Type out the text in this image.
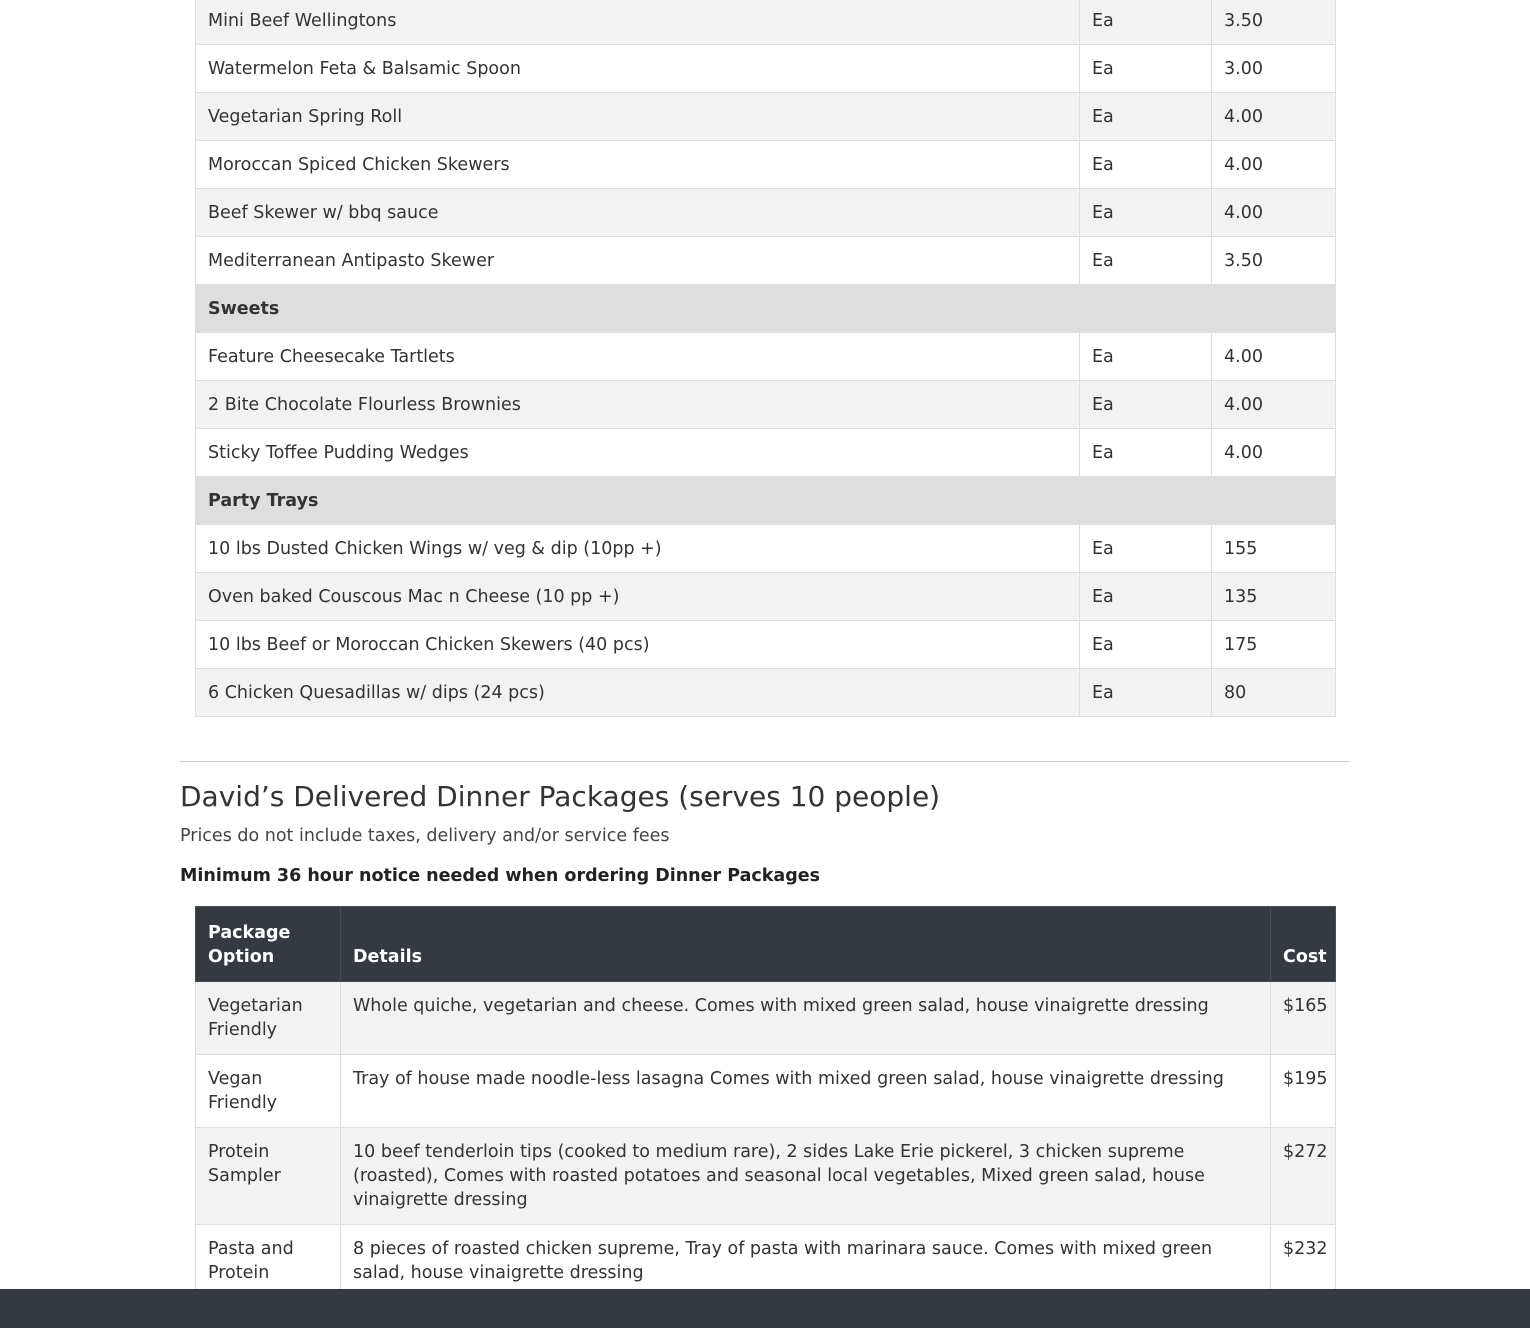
Mini Beef Wellingtons	Ea	3.50
Watermelon Feta & Balsamic Spoon	Ea	3.00
Vegetarian Spring Roll	Ea	4.00
Moroccan Spiced Chicken Skewers	Ea	4.00
Beef Skewer w/ bbq sauce	Ea	4.00
Mediterranean Antipasto Skewer	Ea	3.50
Sweets		
Feature Cheesecake Tartlets	Ea	4.00
2 Bite Chocolate Flourless Brownies	Ea	4.00
Sticky Toffee Pudding Wedges	Ea	4.00
Party Trays		
10 lbs Dusted Chicken Wings w/ veg & dip (10pp +)	Ea	155
Oven baked Couscous Mac n Cheese (10 pp +)	Ea	135
10 lbs Beef or Moroccan Chicken Skewers (40 pcs)	Ea	175
6 Chicken Quesadillas w/ dips (24 pcs)	Ea	80
David’s Delivered Dinner Packages (serves 10 people)
Prices do not include taxes, delivery and/or service fees
Minimum 36 hour notice needed when ordering Dinner Packages
Package Option	Details	Cost
Vegetarian Friendly	Whole quiche, vegetarian and cheese. Comes with mixed green salad, house vinaigrette dressing	$165
Vegan Friendly	Tray of house made noodle-less lasagna Comes with mixed green salad, house vinaigrette dressing	$195
Protein Sampler	10 beef tenderloin tips (cooked to medium rare), 2 sides Lake Erie pickerel, 3 chicken supreme (roasted), Comes with roasted potatoes and seasonal local vegetables, Mixed green salad, house vinaigrette dressing	$272
Pasta and Protein	8 pieces of roasted chicken supreme, Tray of pasta with marinara sauce. Comes with mixed green salad, house vinaigrette dressing	$232
